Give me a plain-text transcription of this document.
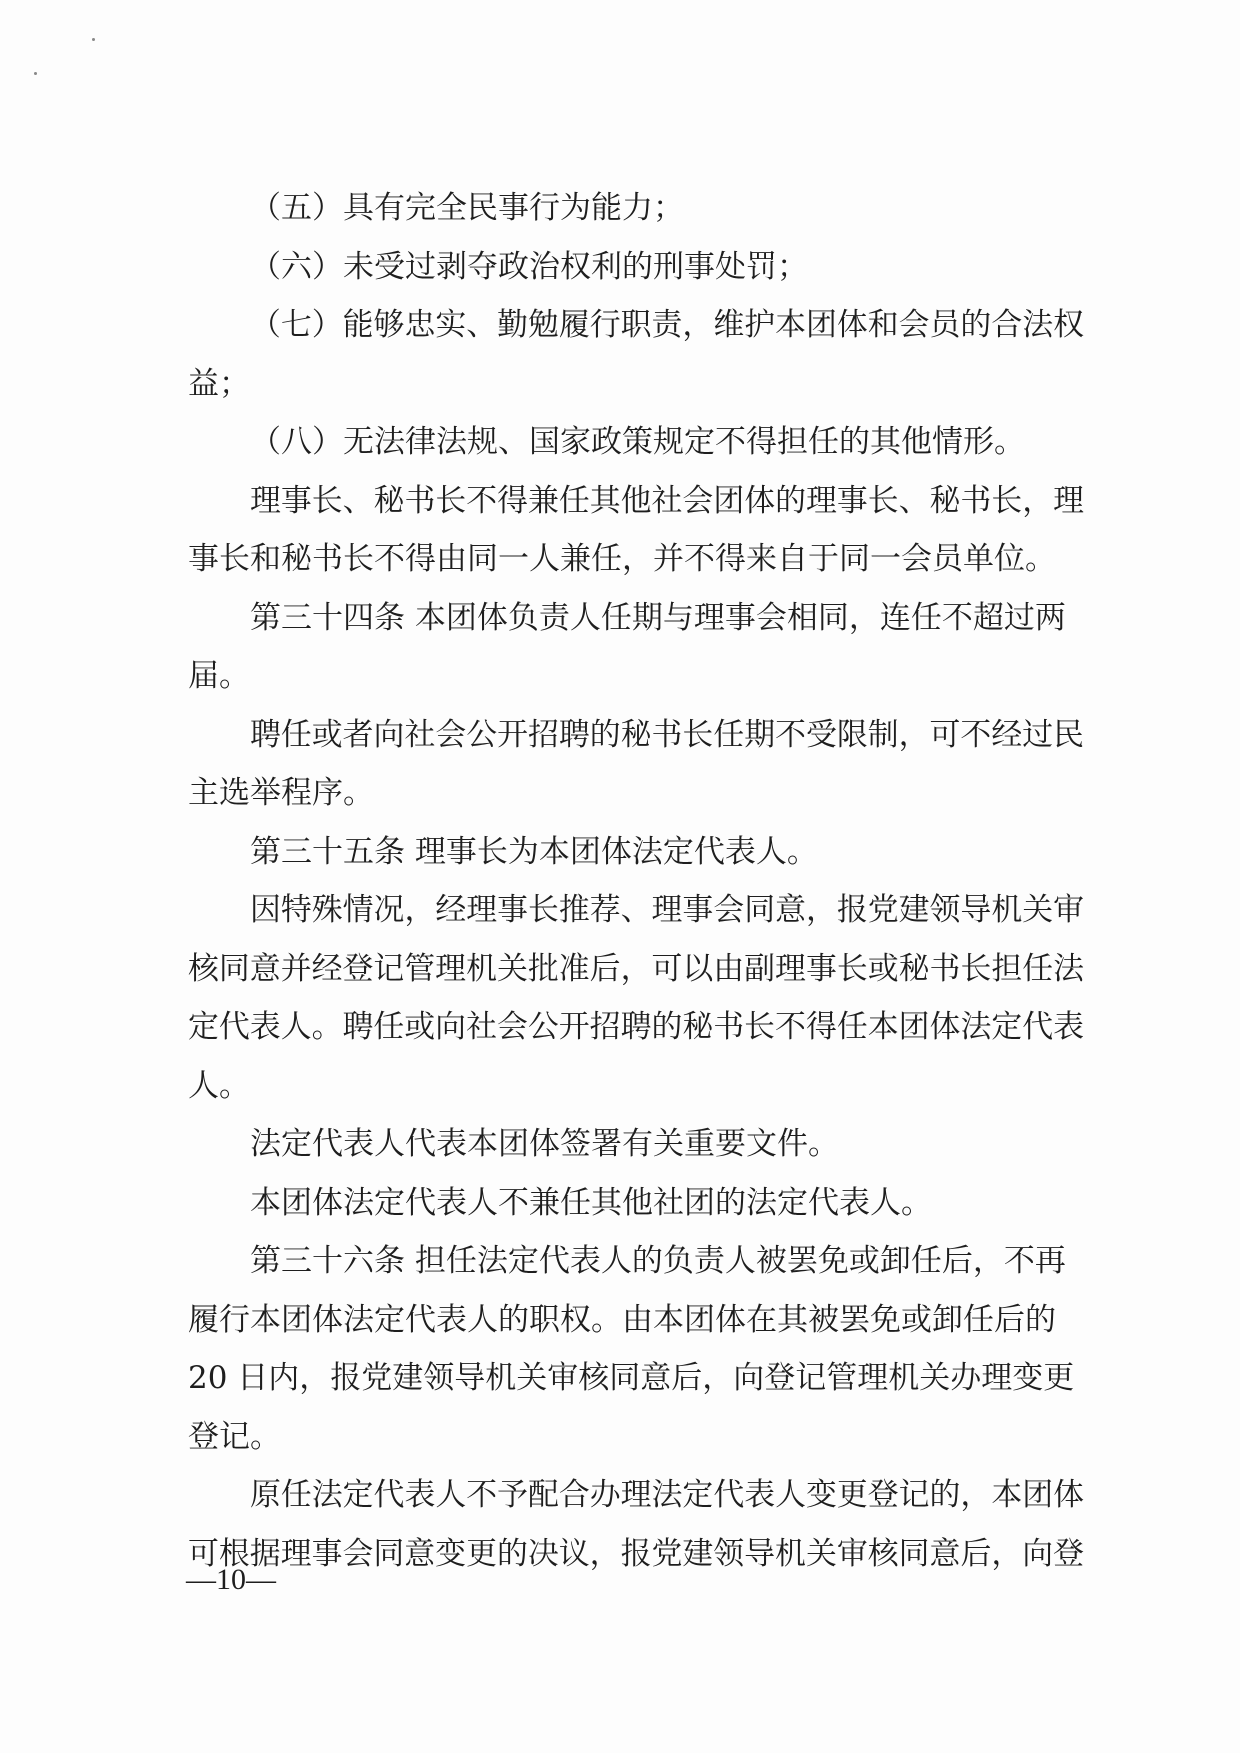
（五）具有完全民事行为能力；
（六）未受过剥夺政治权利的刑事处罚；
（七）能够忠实、勤勉履行职责，维护本团体和会员的合法权
益；
（八）无法律法规、国家政策规定不得担任的其他情形。
理事长、秘书长不得兼任其他社会团体的理事长、秘书长，理
事长和秘书长不得由同一人兼任，并不得来自于同一会员单位。
第三十四条 本团体负责人任期与理事会相同，连任不超过两
届。
聘任或者向社会公开招聘的秘书长任期不受限制，可不经过民
主选举程序。
第三十五条 理事长为本团体法定代表人。
因特殊情况，经理事长推荐、理事会同意，报党建领导机关审
核同意并经登记管理机关批准后，可以由副理事长或秘书长担任法
定代表人。聘任或向社会公开招聘的秘书长不得任本团体法定代表
人。
法定代表人代表本团体签署有关重要文件。
本团体法定代表人不兼任其他社团的法定代表人。
第三十六条 担任法定代表人的负责人被罢免或卸任后，不再
履行本团体法定代表人的职权。由本团体在其被罢免或卸任后的
20 日内，报党建领导机关审核同意后，向登记管理机关办理变更
登记。
原任法定代表人不予配合办理法定代表人变更登记的，本团体
可根据理事会同意变更的决议，报党建领导机关审核同意后，向登
—10—
